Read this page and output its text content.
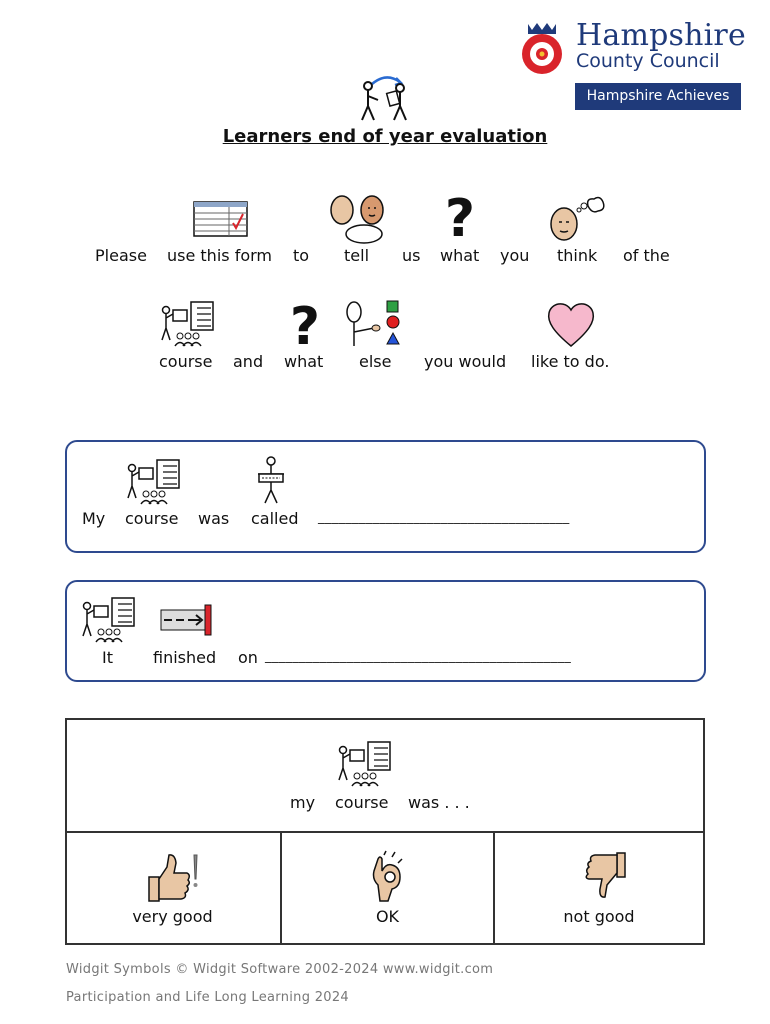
Hampshire
County Council
Hampshire Achieves
Learners end of year evaluation
?
Please use this form to tell us what you think of the
?
course and what else you would like to do.
My course was called _____________________________________
It	finished on _____________________________________________
my course was . . .
very good	OK	not good
Widgit Symbols © Widgit Software 2002-2024 www.widgit.com
Participation and Life Long Learning 2024
